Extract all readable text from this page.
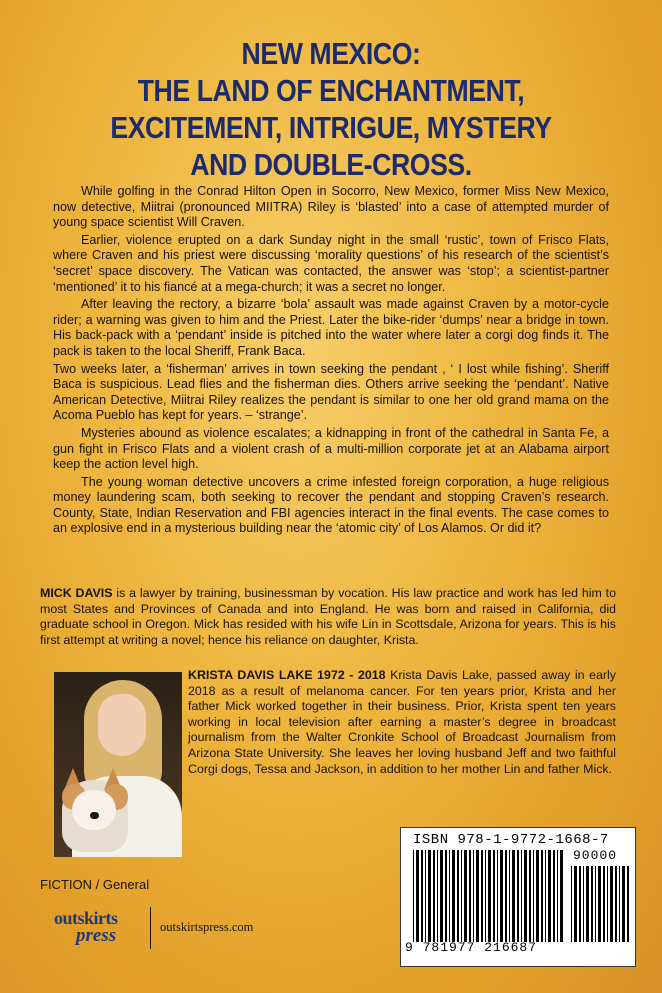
NEW MEXICO:
THE LAND OF ENCHANTMENT,
EXCITEMENT, INTRIGUE, MYSTERY
AND DOUBLE-CROSS.

While golfing in the Conrad Hilton Open in Socorro, New Mexico, former Miss New Mexico, now detective, Miitrai (pronounced MIITRA) Riley is ‘blasted’ into a case of attempted murder of young space scientist Will Craven.

Earlier, violence erupted on a dark Sunday night in the small ‘rustic’, town of Frisco Flats, where Craven and his priest were discussing ‘morality questions’ of his research of the scientist’s ‘secret’ space discovery. The Vatican was contacted, the answer was ‘stop’; a scientist-partner ‘mentioned’ it to his fiancé at a mega-church; it was a secret no longer.

After leaving the rectory, a bizarre ‘bola’ assault was made against Craven by a motor-cycle rider; a warning was given to him and the Priest. Later the bike-rider ‘dumps’ near a bridge in town. His back-pack with a ‘pendant’ inside is pitched into the water where later a corgi dog finds it. The pack is taken to the local Sheriff, Frank Baca.

Two weeks later, a ‘fisherman’ arrives in town seeking the pendant , ‘ I lost while fishing’. Sheriff Baca is suspicious. Lead flies and the fisherman dies. Others arrive seeking the ‘pendant’. Native American Detective, Miitrai Riley realizes the pendant is similar to one her old grand mama on the Acoma Pueblo has kept for years. – ‘strange’.

Mysteries abound as violence escalates; a kidnapping in front of the cathedral in Santa Fe, a gun fight in Frisco Flats and a violent crash of a multi-million corporate jet at an Alabama airport keep the action level high.

The young woman detective uncovers a crime infested foreign corporation, a huge religious money laundering scam, both seeking to recover the pendant and stopping Craven’s research. County, State, Indian Reservation and FBI agencies interact in the final events. The case comes to an explosive end in a mysterious building near the ‘atomic city’ of Los Alamos. Or did it?

MICK DAVIS is a lawyer by training, businessman by vocation. His law practice and work has led him to most States and Provinces of Canada and into England. He was born and raised in California, did graduate school in Oregon. Mick has resided with his wife Lin in Scottsdale, Arizona for years. This is his first attempt at writing a novel; hence his reliance on daughter, Krista.
KRISTA DAVIS LAKE 1972 - 2018 Krista Davis Lake, passed away in early 2018 as a result of melanoma cancer. For ten years prior, Krista and her father Mick worked together in their business. Prior, Krista spent ten years working in local television after earning a master’s degree in broadcast journalism from the Walter Cronkite School of Broadcast Journalism from Arizona State University. She leaves her loving husband Jeff and two faithful Corgi dogs, Tessa and Jackson, in addition to her mother Lin and father Mick.
ISBN 978-1-9772-1668-7
90000
9 781977 216687
FICTION / General
outskirts
press	outskirtspress.com
